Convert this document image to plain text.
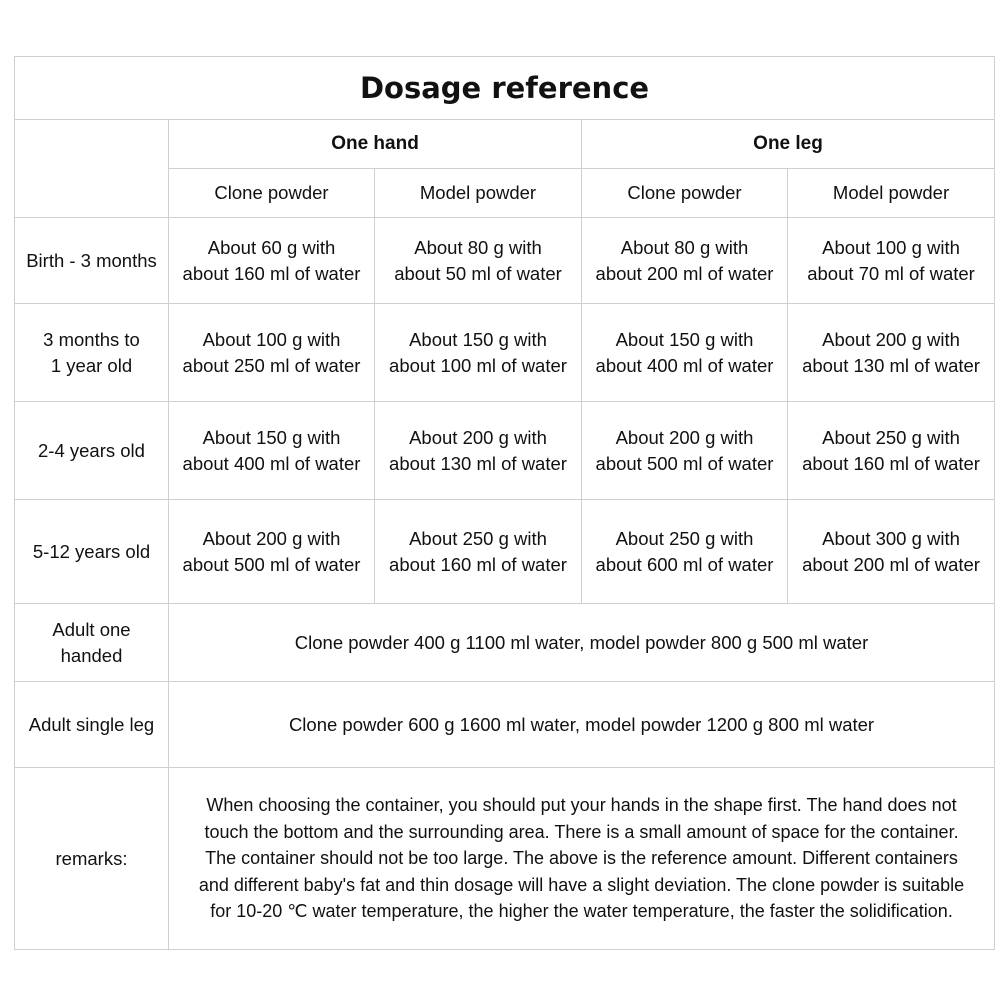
Dosage reference				
	One hand		One leg	
	Clone powder	Model powder	Clone powder	Model powder

Birth - 3 months	About 60 g with
about 160 ml of water	About 80 g with
about 50 ml of water	About 80 g with
about 200 ml of water	About 100 g with
about 70 ml of water

3 months to
1 year old	About 100 g with
about 250 ml of water	About 150 g with
about 100 ml of water	About 150 g with
about 400 ml of water	About 200 g with
about 130 ml of water

2-4 years old	About 150 g with
about 400 ml of water	About 200 g with
about 130 ml of water	About 200 g with
about 500 ml of water	About 250 g with
about 160 ml of water

5-12 years old	About 200 g with
about 500 ml of water	About 250 g with
about 160 ml of water	About 250 g with
about 600 ml of water	About 300 g with
about 200 ml of water

Adult one handed	Clone powder 400 g 1100 ml water, model powder 800 g 500 ml water			
Adult single leg	Clone powder 600 g 1600 ml water, model powder 1200 g 800 ml water			
remarks:	When choosing the container, you should put your hands in the shape first. The hand does not
touch the bottom and the surrounding area. There is a small amount of space for the container.
The container should not be too large. The above is the reference amount. Different containers
and different baby's fat and thin dosage will have a slight deviation. The clone powder is suitable
for 10-20 ℃ water temperature, the higher the water temperature, the faster the solidification.			
